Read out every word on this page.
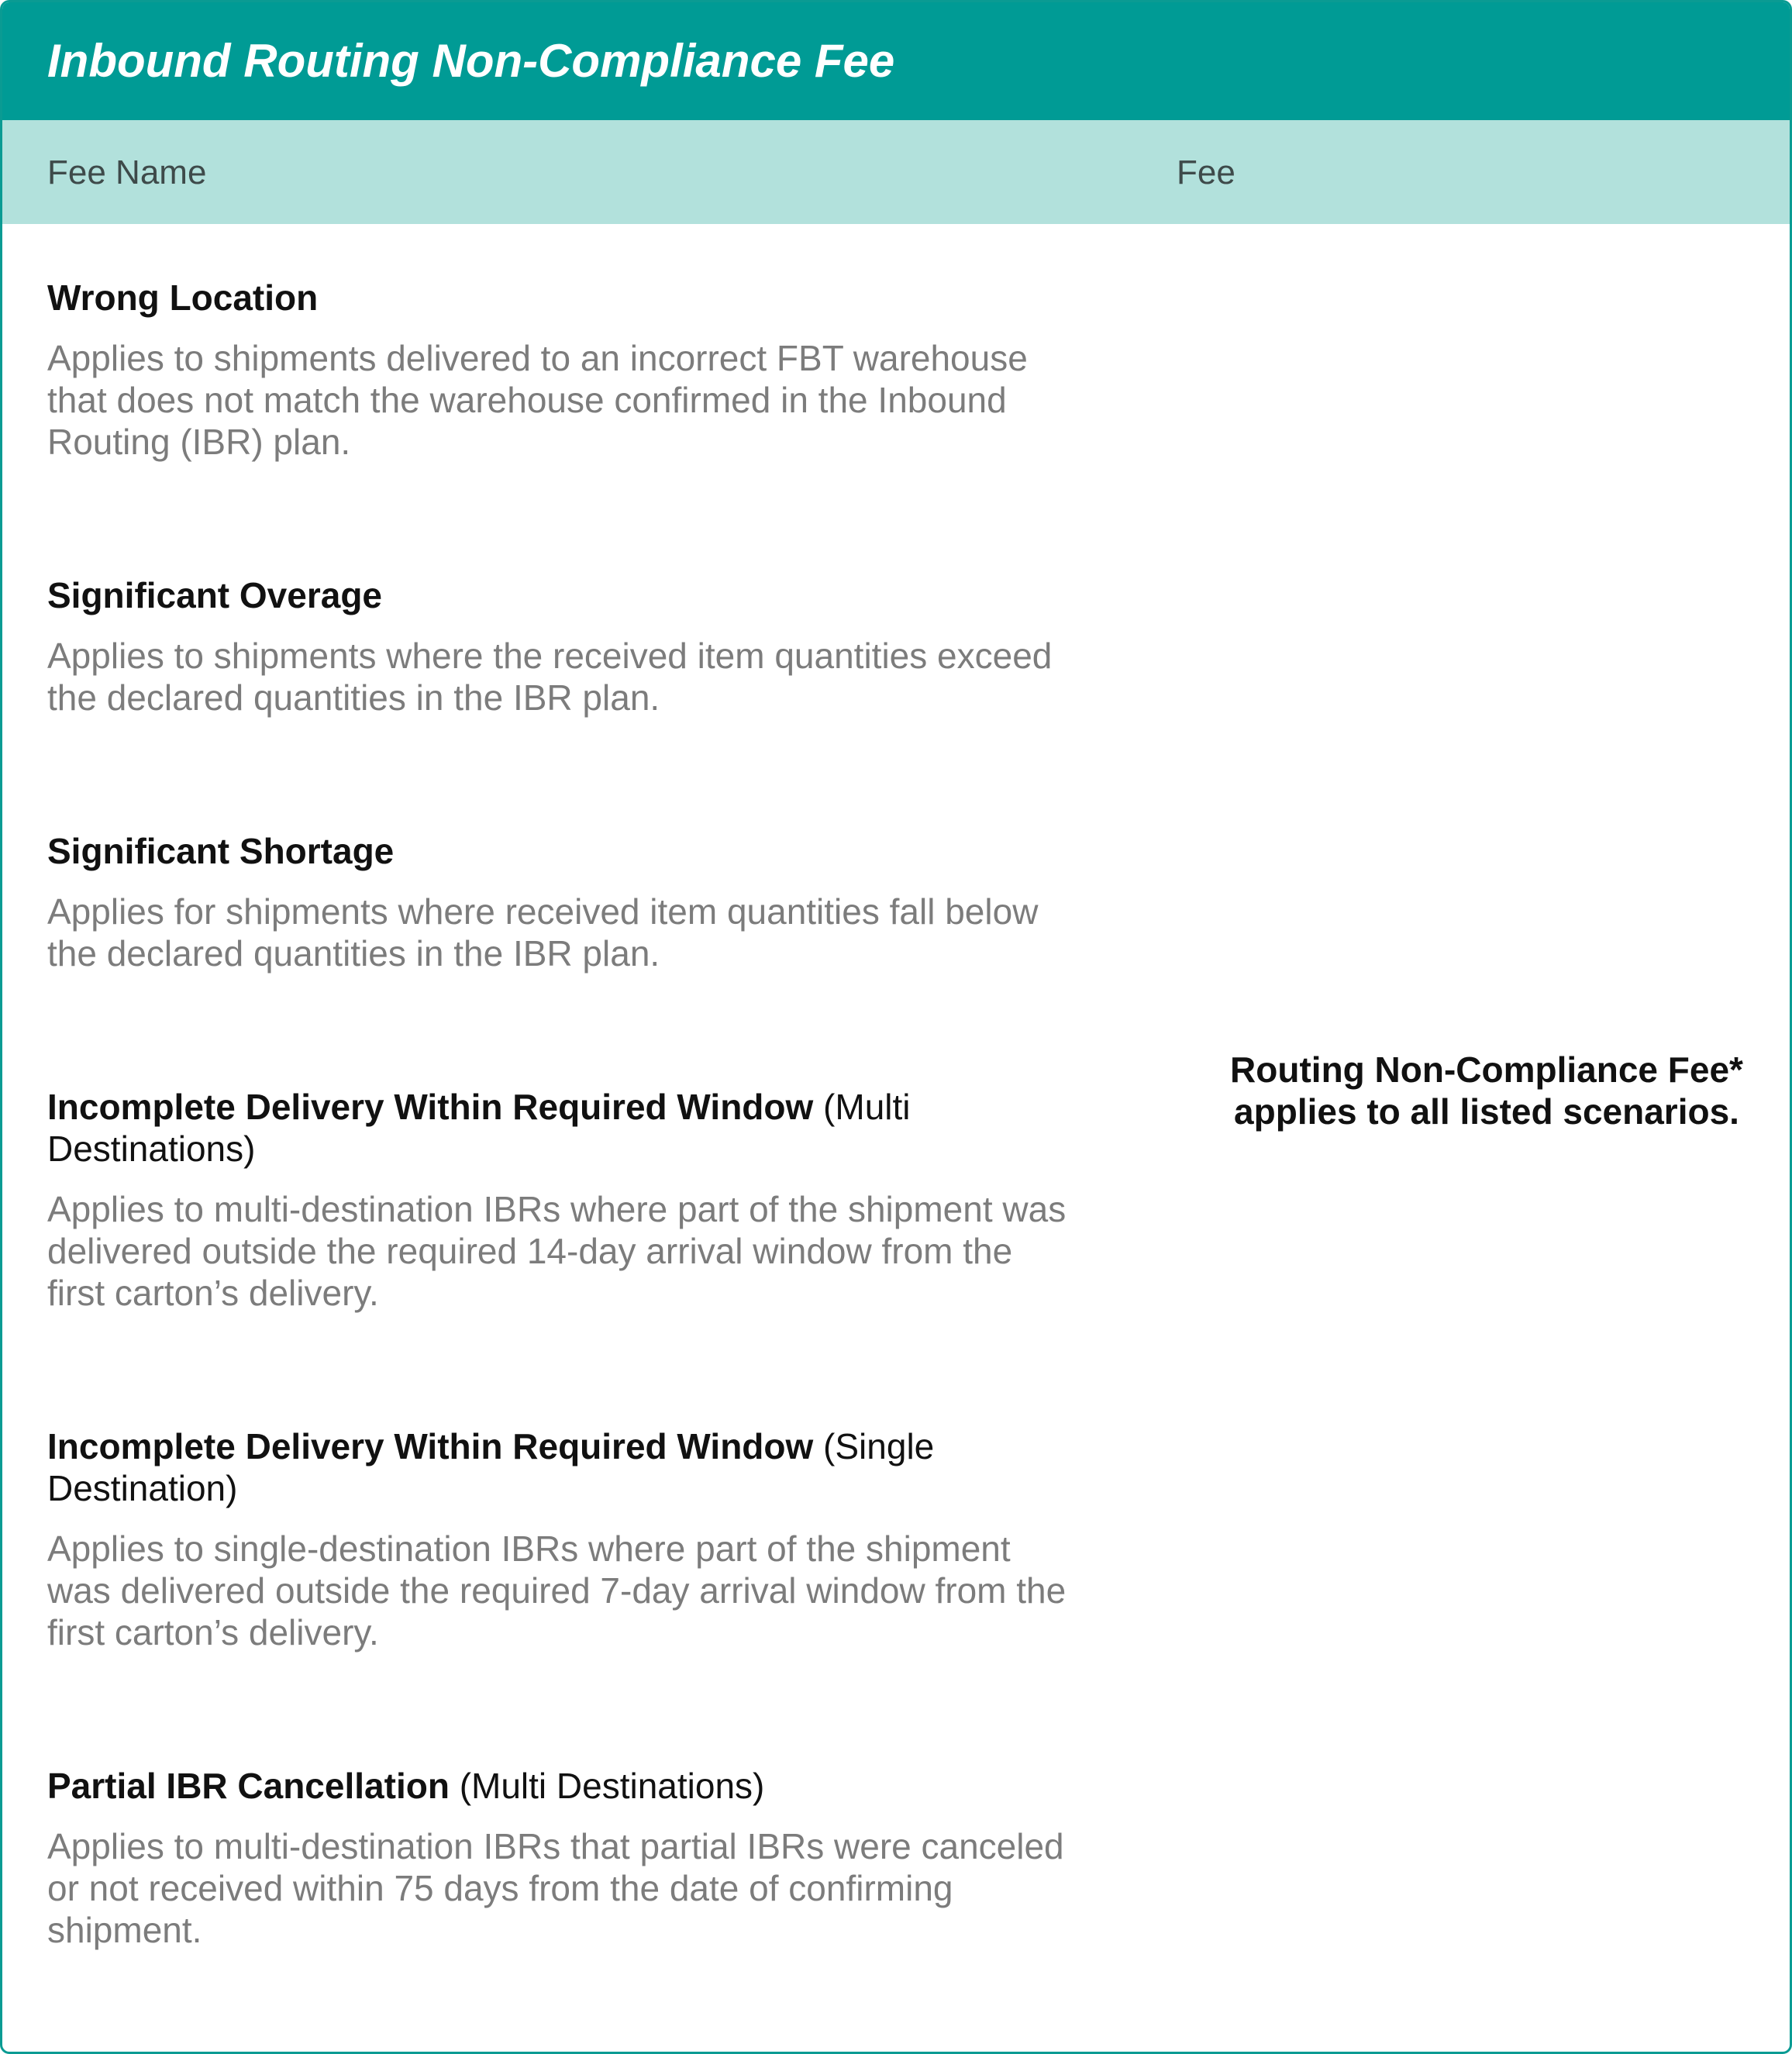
Inbound Routing Non-Compliance Fee
Fee Name	Fee

Wrong Location

Applies to shipments delivered to an incorrect FBT warehouse that does not match the warehouse confirmed in the Inbound Routing (IBR) plan.

Significant Overage

Applies to shipments where the received item quantities exceed the declared quantities in the IBR plan.

Significant Shortage

Applies for shipments where received item quantities fall below the declared quantities in the IBR plan.

Incomplete Delivery Within Required Window (Multi Destinations)

Applies to multi-destination IBRs where part of the shipment was delivered outside the required 14-day arrival window from the first carton’s delivery.

Incomplete Delivery Within Required Window (Single Destination)

Applies to single-destination IBRs where part of the shipment was delivered outside the required 7-day arrival window from the first carton’s delivery.

Partial IBR Cancellation (Multi Destinations)

Applies to multi-destination IBRs that partial IBRs were canceled or not received within 75 days from the date of confirming shipment.

Routing Non-Compliance Fee*
applies to all listed scenarios.
